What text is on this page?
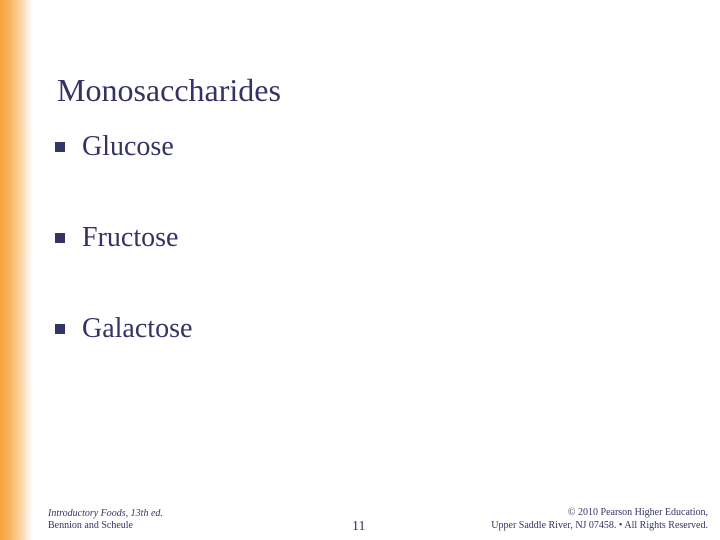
Monosaccharides
Glucose
Fructose
Galactose
Introductory Foods, 13th ed.
Bennion and Scheule	11
© 2010 Pearson Higher Education,
Upper Saddle River, NJ 07458. • All Rights Reserved.
